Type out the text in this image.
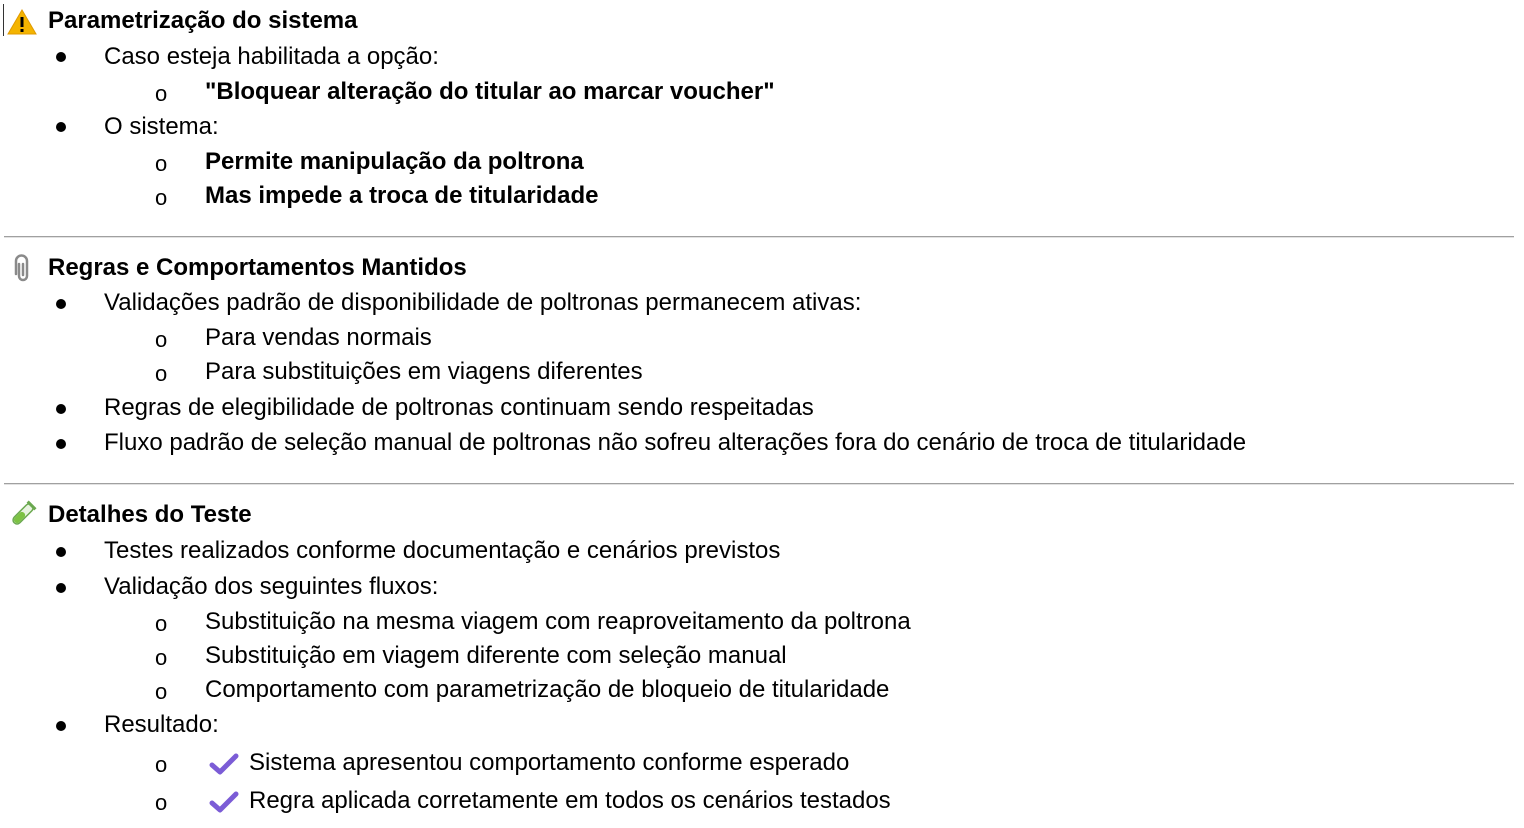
Parametrização do sistema
Caso esteja habilitada a opção:
o "Bloquear alteração do titular ao marcar voucher"
O sistema:
o Permite manipulação da poltrona
o Mas impede a troca de titularidade
Regras e Comportamentos Mantidos
Validações padrão de disponibilidade de poltronas permanecem ativas:
o Para vendas normais
o Para substituições em viagens diferentes
Regras de elegibilidade de poltronas continuam sendo respeitadas
Fluxo padrão de seleção manual de poltronas não sofreu alterações fora do cenário de troca de titularidade
Detalhes do Teste
Testes realizados conforme documentação e cenários previstos
Validação dos seguintes fluxos:
o Substituição na mesma viagem com reaproveitamento da poltrona
o Substituição em viagem diferente com seleção manual
o Comportamento com parametrização de bloqueio de titularidade
Resultado:
o	Sistema apresentou comportamento conforme esperado
o	Regra aplicada corretamente em todos os cenários testados
